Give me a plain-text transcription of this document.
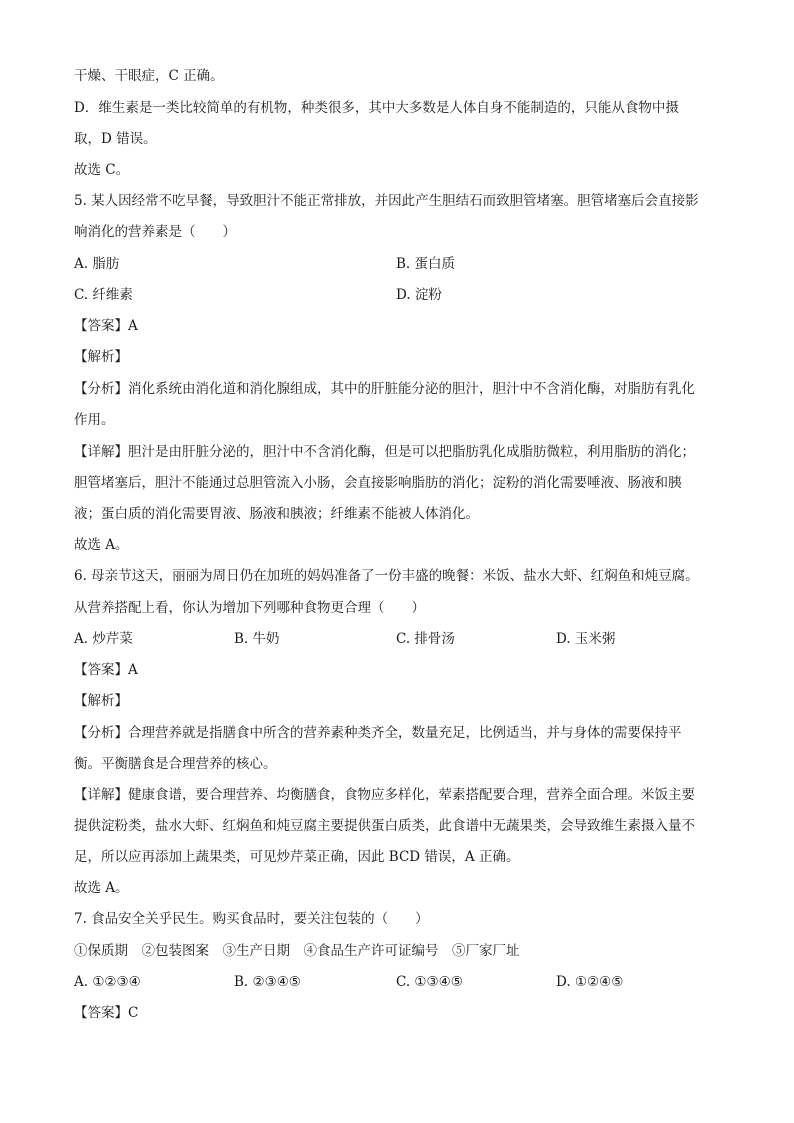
干燥、干眼症，C 正确。
D．维生素是一类比较简单的有机物，种类很多，其中大多数是人体自身不能制造的，只能从食物中摄
取，D 错误。
故选 C。
5. 某人因经常不吃早餐，导致胆汁不能正常排放，并因此产生胆结石而致胆管堵塞。胆管堵塞后会直接影
响消化的营养素是（　　）
A. 脂肪	B. 蛋白质
C. 纤维素	D. 淀粉
【答案】A
【解析】
【分析】消化系统由消化道和消化腺组成，其中的肝脏能分泌的胆汁，胆汁中不含消化酶，对脂肪有乳化
作用。
【详解】胆汁是由肝脏分泌的，胆汁中不含消化酶，但是可以把脂肪乳化成脂肪微粒，利用脂肪的消化；
胆管堵塞后，胆汁不能通过总胆管流入小肠，会直接影响脂肪的消化；淀粉的消化需要唾液、肠液和胰
液；蛋白质的消化需要胃液、肠液和胰液；纤维素不能被人体消化。
故选 A。
6. 母亲节这天，丽丽为周日仍在加班的妈妈准备了一份丰盛的晚餐：米饭、盐水大虾、红焖鱼和炖豆腐。
从营养搭配上看，你认为增加下列哪种食物更合理（　　）
A. 炒芹菜	B. 牛奶	C. 排骨汤	D. 玉米粥
【答案】A
【解析】
【分析】合理营养就是指膳食中所含的营养素种类齐全，数量充足，比例适当，并与身体的需要保持平
衡。平衡膳食是合理营养的核心。
【详解】健康食谱，要合理营养、均衡膳食，食物应多样化，荤素搭配要合理，营养全面合理。米饭主要
提供淀粉类，盐水大虾、红焖鱼和炖豆腐主要提供蛋白质类，此食谱中无蔬果类，会导致维生素摄入量不
足，所以应再添加上蔬果类，可见炒芹菜正确，因此 BCD 错误，A 正确。
故选 A。
7. 食品安全关乎民生。购买食品时，要关注包装的（　　）
①保质期　②包装图案　③生产日期　④食品生产许可证编号　⑤厂家厂址
A. ①②③④	B. ②③④⑤	C. ①③④⑤	D. ①②④⑤
【答案】C
